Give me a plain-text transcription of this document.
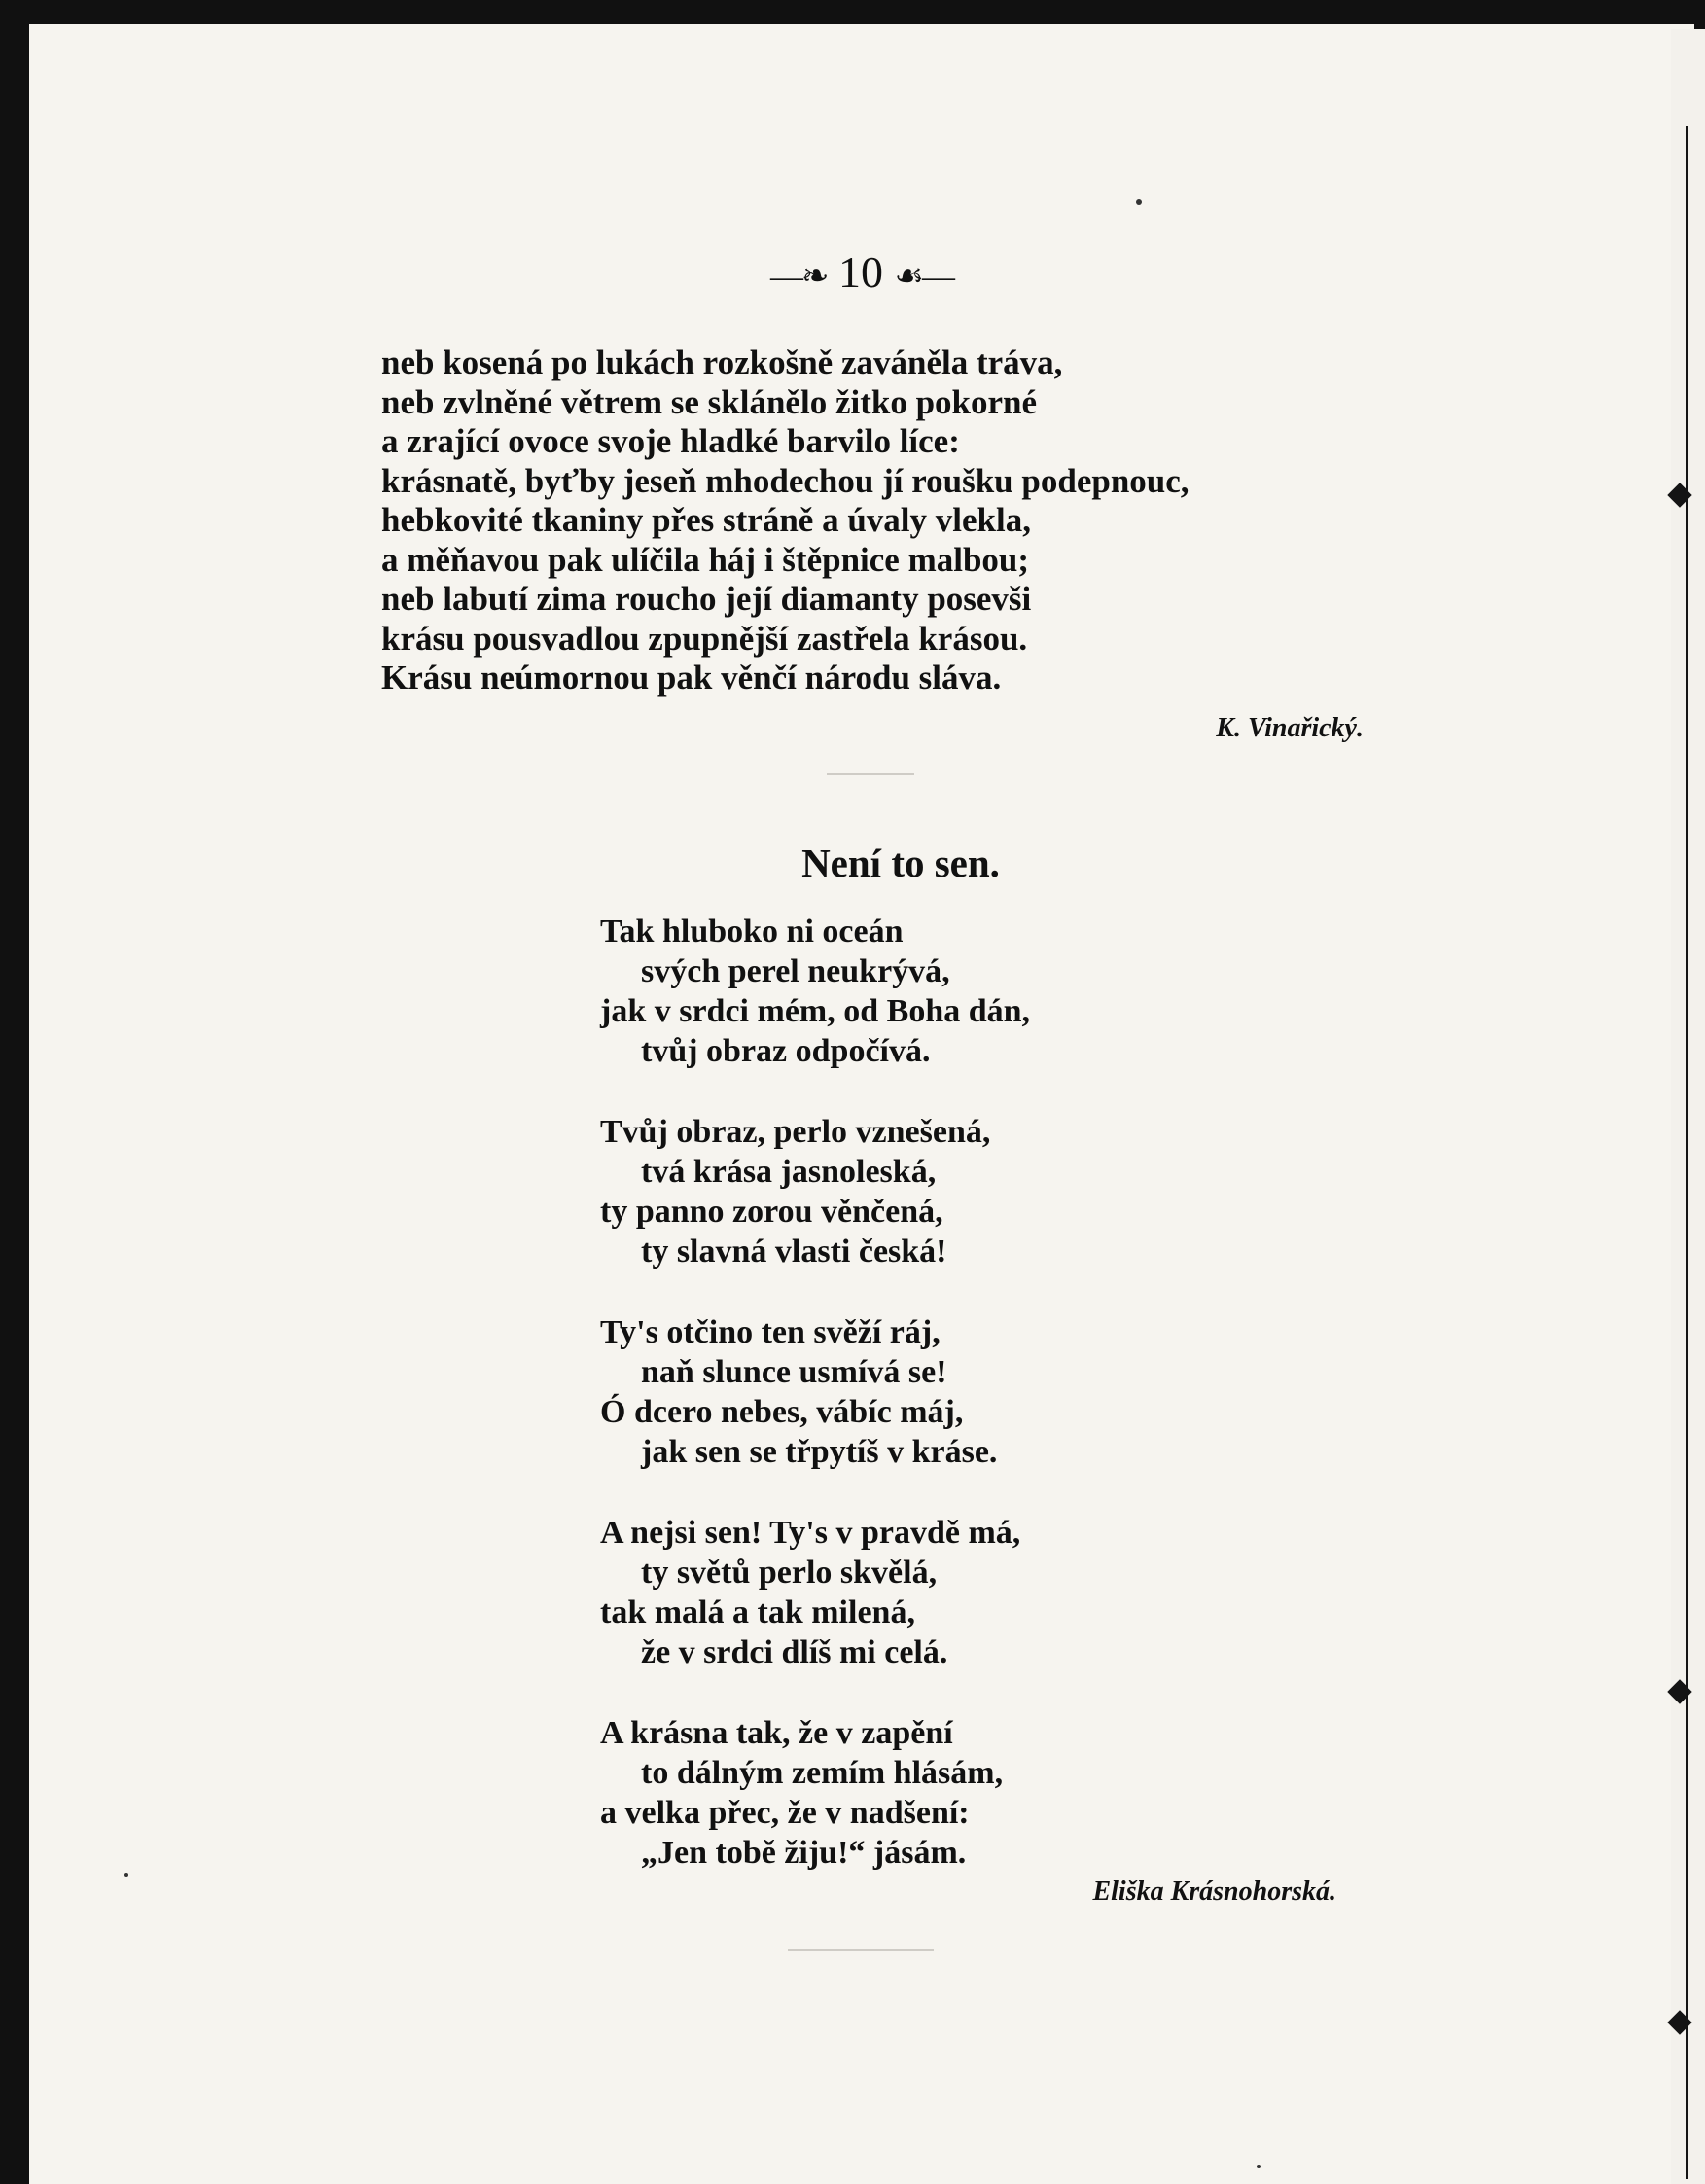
—❧ 10 ☙—
neb kosená po lukách rozkošně zaváněla tráva,
neb zvlněné větrem se sklánělo žitko pokorné
a zrající ovoce svoje hladké barvilo líce:
krásnatě, byťby jeseň mhodechou jí roušku podepnouc,
hebkovité tkaniny přes stráně a úvaly vlekla,
a měňavou pak ulíčila háj i štěpnice malbou;
neb labutí zima roucho její diamanty posevši
krásu pousvadlou zpupnější zastřela krásou.
Krásu neúmornou pak věnčí národu sláva.
K. Vinařický.
Není to sen.
Tak hluboko ni oceán
svých perel neukrývá,
jak v srdci mém, od Boha dán,
tvůj obraz odpočívá.
Tvůj obraz, perlo vznešená,
tvá krása jasnoleská,
ty panno zorou věnčená,
ty slavná vlasti česká!
Ty's otčino ten svěží ráj,
naň slunce usmívá se!
Ó dcero nebes, vábíc máj,
jak sen se třpytíš v kráse.
A nejsi sen! Ty's v pravdě má,
ty světů perlo skvělá,
tak malá a tak milená,
že v srdci dlíš mi celá.
A krásna tak, že v zapění
to dálným zemím hlásám,
a velka přec, že v nadšení:
„Jen tobě žiju!“ jásám.
Eliška Krásnohorská.
